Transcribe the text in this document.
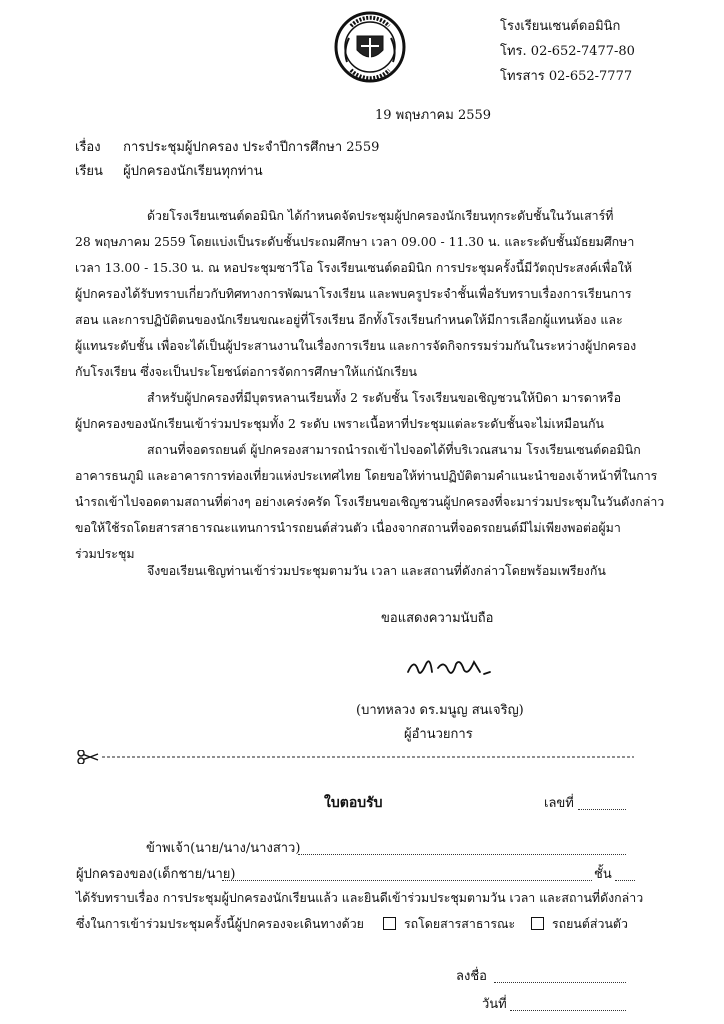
โรงเรียนเซนต์ดอมินิก
โทร. 02-652-7477-80
โทรสาร 02-652-7777
19 พฤษภาคม 2559
เรื่อง การประชุมผู้ปกครอง ประจำปีการศึกษา 2559
เรียน ผู้ปกครองนักเรียนทุกท่าน
ด้วยโรงเรียนเซนต์ดอมินิก ได้กำหนดจัดประชุมผู้ปกครองนักเรียนทุกระดับชั้นในวันเสาร์ที่
28 พฤษภาคม 2559 โดยแบ่งเป็นระดับชั้นประถมศึกษา เวลา 09.00 - 11.30 น. และระดับชั้นมัธยมศึกษา
เวลา 13.00 - 15.30 น. ณ หอประชุมซาวีโอ โรงเรียนเซนต์ดอมินิก การประชุมครั้งนี้มีวัตถุประสงค์เพื่อให้
ผู้ปกครองได้รับทราบเกี่ยวกับทิศทางการพัฒนาโรงเรียน และพบครูประจำชั้นเพื่อรับทราบเรื่องการเรียนการ
สอน และการปฏิบัติตนของนักเรียนขณะอยู่ที่โรงเรียน อีกทั้งโรงเรียนกำหนดให้มีการเลือกผู้แทนห้อง และ
ผู้แทนระดับชั้น เพื่อจะได้เป็นผู้ประสานงานในเรื่องการเรียน และการจัดกิจกรรมร่วมกันในระหว่างผู้ปกครอง
กับโรงเรียน ซึ่งจะเป็นประโยชน์ต่อการจัดการศึกษาให้แก่นักเรียน
สำหรับผู้ปกครองที่มีบุตรหลานเรียนทั้ง 2 ระดับชั้น โรงเรียนขอเชิญชวนให้บิดา มารดาหรือ
ผู้ปกครองของนักเรียนเข้าร่วมประชุมทั้ง 2 ระดับ เพราะเนื้อหาที่ประชุมแต่ละระดับชั้นจะไม่เหมือนกัน
สถานที่จอดรถยนต์ ผู้ปกครองสามารถนำรถเข้าไปจอดได้ที่บริเวณสนาม โรงเรียนเซนต์ดอมินิก
อาคารธนภูมิ และอาคารการท่องเที่ยวแห่งประเทศไทย โดยขอให้ท่านปฏิบัติตามคำแนะนำของเจ้าหน้าที่ในการ
นำรถเข้าไปจอดตามสถานที่ต่างๆ อย่างเคร่งครัด โรงเรียนขอเชิญชวนผู้ปกครองที่จะมาร่วมประชุมในวันดังกล่าว
ขอให้ใช้รถโดยสารสาธารณะแทนการนำรถยนต์ส่วนตัว เนื่องจากสถานที่จอดรถยนต์มีไม่เพียงพอต่อผู้มา
ร่วมประชุม
จึงขอเรียนเชิญท่านเข้าร่วมประชุมตามวัน เวลา และสถานที่ดังกล่าวโดยพร้อมเพรียงกัน
ขอแสดงความนับถือ
(บาทหลวง ดร.มนูญ สนเจริญ)
ผู้อำนวยการ
ใบตอบรับ	เลขที่
ข้าพเจ้า(นาย/นาง/นางสาว)
ผู้ปกครองของ(เด็กชาย/นาย)	ชั้น
ได้รับทราบเรื่อง การประชุมผู้ปกครองนักเรียนแล้ว และยินดีเข้าร่วมประชุมตามวัน เวลา และสถานที่ดังกล่าว
ซึ่งในการเข้าร่วมประชุมครั้งนี้ผู้ปกครองจะเดินทางด้วย	รถโดยสารสาธารณะ	รถยนต์ส่วนตัว
ลงชื่อ
วันที่
